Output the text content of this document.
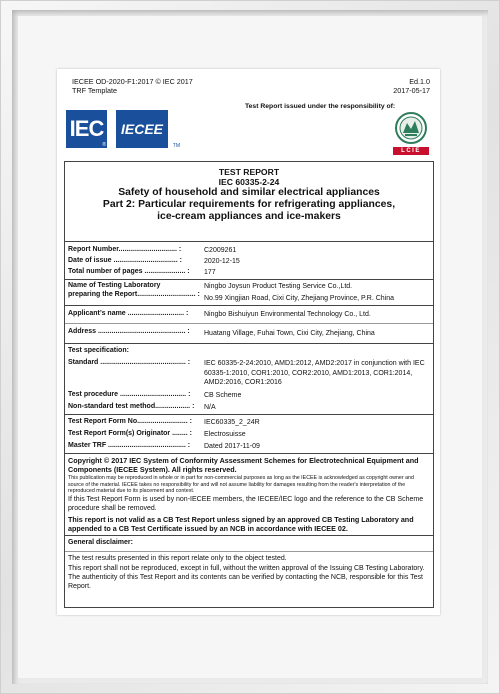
IECEE OD-2020-F1:2017 © IEC 2017
TRF Template
Ed.1.0
2017-05-17
Test Report issued under the responsibility of:
IEC
®
IECEE
TM
LCIE
TEST REPORT
IEC 60335-2-24
Safety of household and similar electrical appliances
Part 2: Particular requirements for refrigerating appliances,
ice-cream appliances and ice-makers
Report Number.............................. :	C2009261
Date of issue ................................. :	2020-12-15
Total number of pages ..................... : 177
Name of Testing Laboratory
preparing the Report.............................. :
Ningbo Joysun Product Testing Service Co.,Ltd.
No.99 Xingjian Road, Cixi City, Zhejiang Province, P.R. China
Applicant’s name ............................. : Ningbo Bishuiyun Environmental Technology Co., Ltd.
Address ............................................. : Huatang Village, Fuhai Town, Cixi City, Zhejiang, China
Test specification:
Standard ............................................ : IEC 60335-2-24:2010, AMD1:2012, AMD2:2017 in conjunction with IEC 60335-1:2010, COR1:2010, COR2:2010, AMD1:2013, COR1:2014, AMD2:2016, COR1:2016
Test procedure .................................. : CB Scheme
Non-standard test method.................. : N/A
Test Report Form No.......................... : IEC60335_2_24R
Test Report Form(s) Originator ........ : Electrosuisse
Master TRF ........................................ : Dated 2017-11-09
Copyright © 2017 IEC System of Conformity Assessment Schemes for Electrotechnical Equipment and Components (IECEE System). All rights reserved.
This publication may be reproduced in whole or in part for non-commercial purposes as long as the IECEE is acknowledged as copyright owner and source of the material. IECEE takes no responsibility for and will not assume liability for damages resulting from the reader's interpretation of the reproduced material due to its placement and context.
If this Test Report Form is used by non-IECEE members, the IECEE/IEC logo and the reference to the CB Scheme procedure shall be removed.
This report is not valid as a CB Test Report unless signed by an approved CB Testing Laboratory and appended to a CB Test Certificate issued by an NCB in accordance with IECEE 02.
General disclaimer:
The test results presented in this report relate only to the object tested.
This report shall not be reproduced, except in full, without the written approval of the Issuing CB Testing Laboratory. The authenticity of this Test Report and its contents can be verified by contacting the NCB, responsible for this Test Report.
